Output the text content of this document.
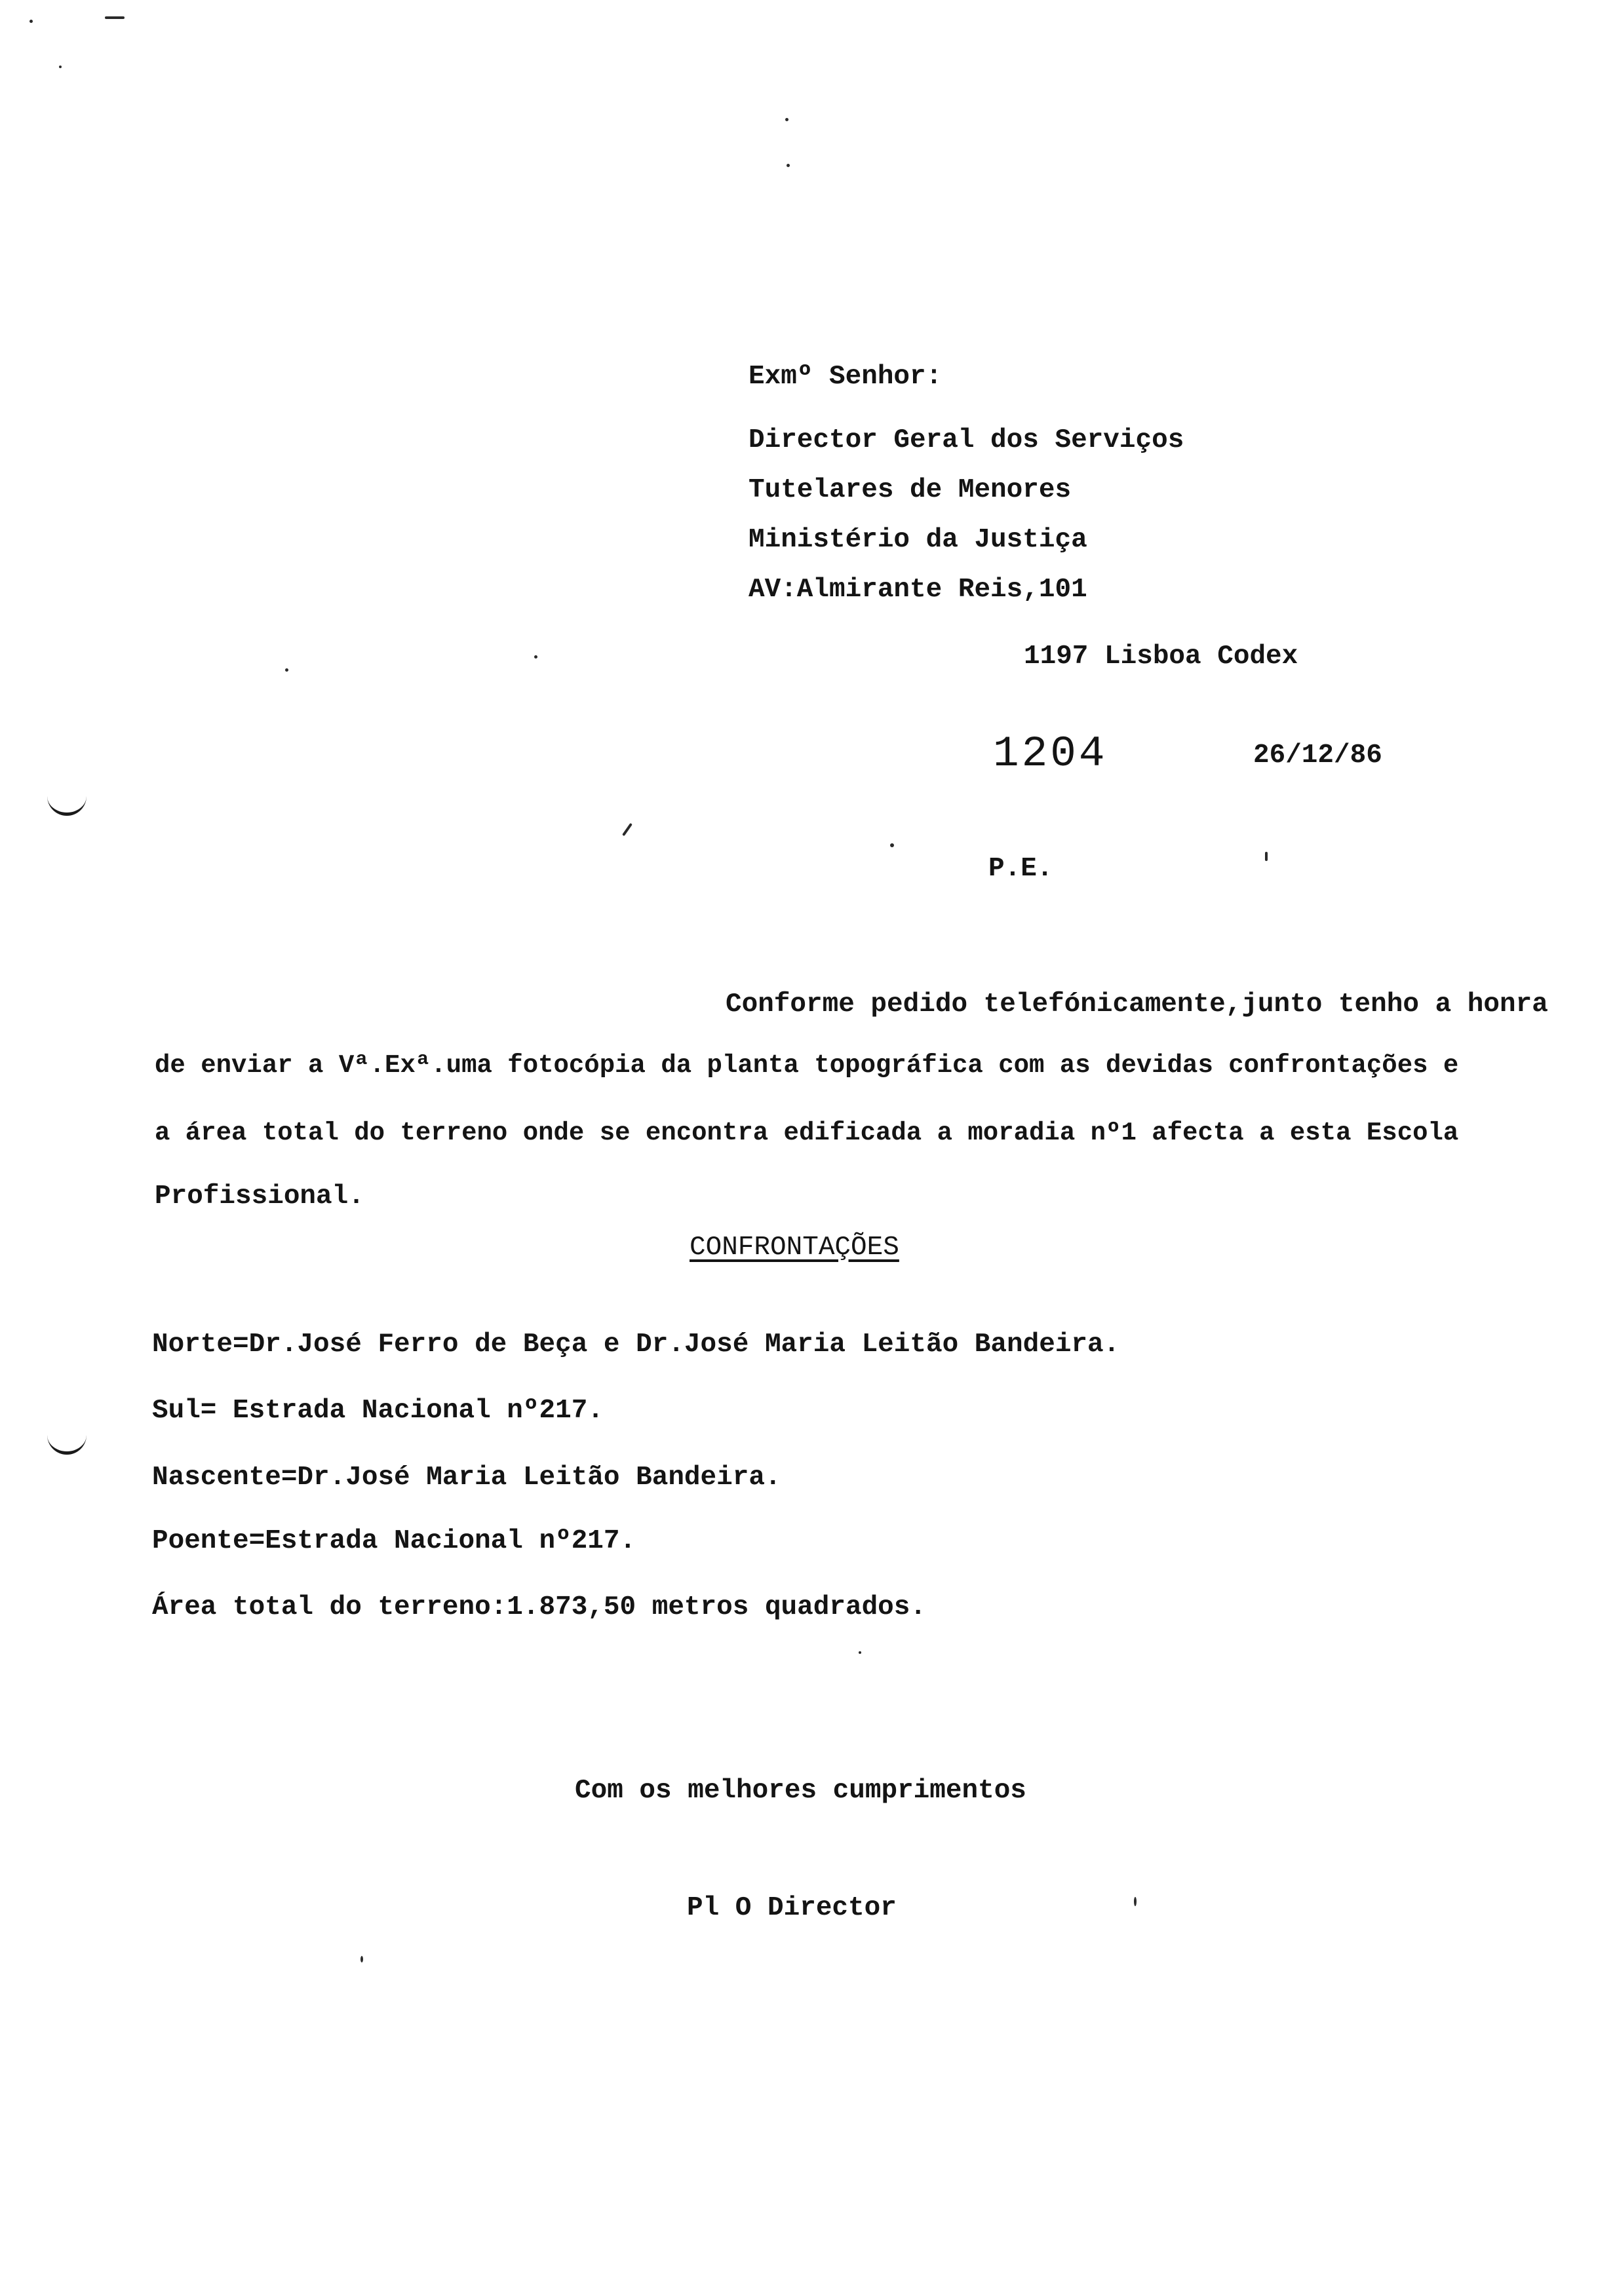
Exmº Senhor:
Director Geral dos Serviços
Tutelares de Menores
Ministério da Justiça
AV:Almirante Reis,101
1197 Lisboa Codex
1204	26/12/86
P.E.
Conforme pedido telefónicamente,junto tenho a honra
de enviar a Vª.Exª.uma fotocópia da planta topográfica com as devidas confrontações e
a área total do terreno onde se encontra edificada a moradia nº1 afecta a esta Escola
Profissional.
CONFRONTAÇÕES
Norte=Dr.José Ferro de Beça e Dr.José Maria Leitão Bandeira.
Sul= Estrada Nacional nº217.
Nascente=Dr.José Maria Leitão Bandeira.
Poente=Estrada Nacional nº217.
Área total do terreno:1.873,50 metros quadrados.
Com os melhores cumprimentos
Pl O Director
